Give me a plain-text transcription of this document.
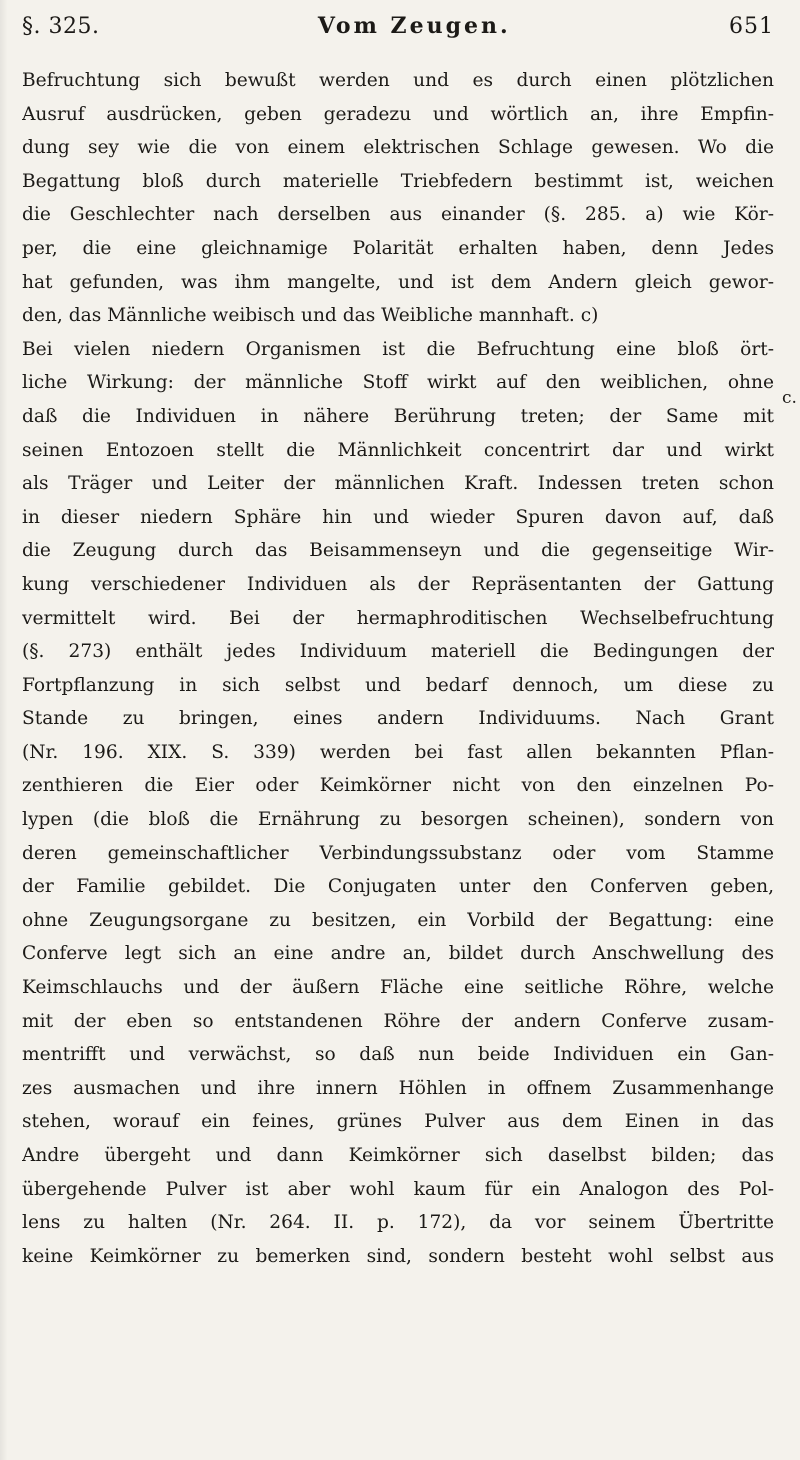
§. 325.	Vom Zeugen.	651
Befruchtung sich bewußt werden und es durch einen plötzlichen
Ausruf ausdrücken, geben geradezu und wörtlich an, ihre Empfin-
dung sey wie die von einem elektrischen Schlage gewesen. Wo die
Begattung bloß durch materielle Triebfedern bestimmt ist, weichen
die Geschlechter nach derselben aus einander (§. 285. a) wie Kör-
per, die eine gleichnamige Polarität erhalten haben, denn Jedes
hat gefunden, was ihm mangelte, und ist dem Andern gleich gewor-
den, das Männliche weibisch und das Weibliche mannhaft. c)
Bei vielen niedern Organismen ist die Befruchtung eine bloß ört-
liche Wirkung: der männliche Stoff wirkt auf den weiblichen, ohne
daß die Individuen in nähere Berührung treten; der Same mit
seinen Entozoen stellt die Männlichkeit concentrirt dar und wirkt
als Träger und Leiter der männlichen Kraft. Indessen treten schon
in dieser niedern Sphäre hin und wieder Spuren davon auf, daß
die Zeugung durch das Beisammenseyn und die gegenseitige Wir-
kung verschiedener Individuen als der Repräsentanten der Gattung
vermittelt wird. Bei der hermaphroditischen Wechselbefruchtung
(§. 273) enthält jedes Individuum materiell die Bedingungen der
Fortpflanzung in sich selbst und bedarf dennoch, um diese zu
Stande zu bringen, eines andern Individuums. Nach Grant
(Nr. 196. XIX. S. 339) werden bei fast allen bekannten Pflan-
zenthieren die Eier oder Keimkörner nicht von den einzelnen Po-
lypen (die bloß die Ernährung zu besorgen scheinen), sondern von
deren gemeinschaftlicher Verbindungssubstanz oder vom Stamme
der Familie gebildet. Die Conjugaten unter den Conferven geben,
ohne Zeugungsorgane zu besitzen, ein Vorbild der Begattung: eine
Conferve legt sich an eine andre an, bildet durch Anschwellung des
Keimschlauchs und der äußern Fläche eine seitliche Röhre, welche
mit der eben so entstandenen Röhre der andern Conferve zusam-
mentrifft und verwächst, so daß nun beide Individuen ein Gan-
zes ausmachen und ihre innern Höhlen in offnem Zusammenhange
stehen, worauf ein feines, grünes Pulver aus dem Einen in das
Andre übergeht und dann Keimkörner sich daselbst bilden; das
übergehende Pulver ist aber wohl kaum für ein Analogon des Pol-
lens zu halten (Nr. 264. II. p. 172), da vor seinem Übertritte
keine Keimkörner zu bemerken sind, sondern besteht wohl selbst aus
c.
